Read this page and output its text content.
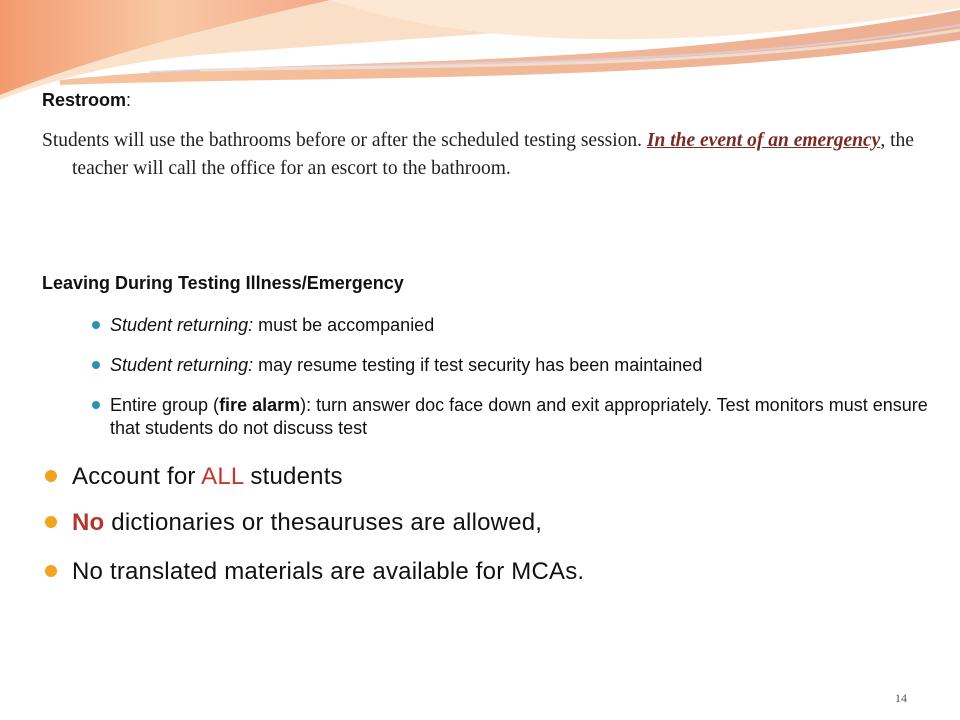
Restroom:

Students will use the bathrooms before or after the scheduled testing session. In the event of an emergency, the teacher will call the office for an escort to the bathroom.

Leaving During Testing Illness/Emergency

Student returning: must be accompanied

Student returning: may resume testing if test security has been maintained

Entire group (fire alarm): turn answer doc face down and exit appropriately. Test monitors must ensure that students do not discuss test

Account for ALL students

No dictionaries or thesauruses are allowed,

No translated materials are available for MCAs.

14
